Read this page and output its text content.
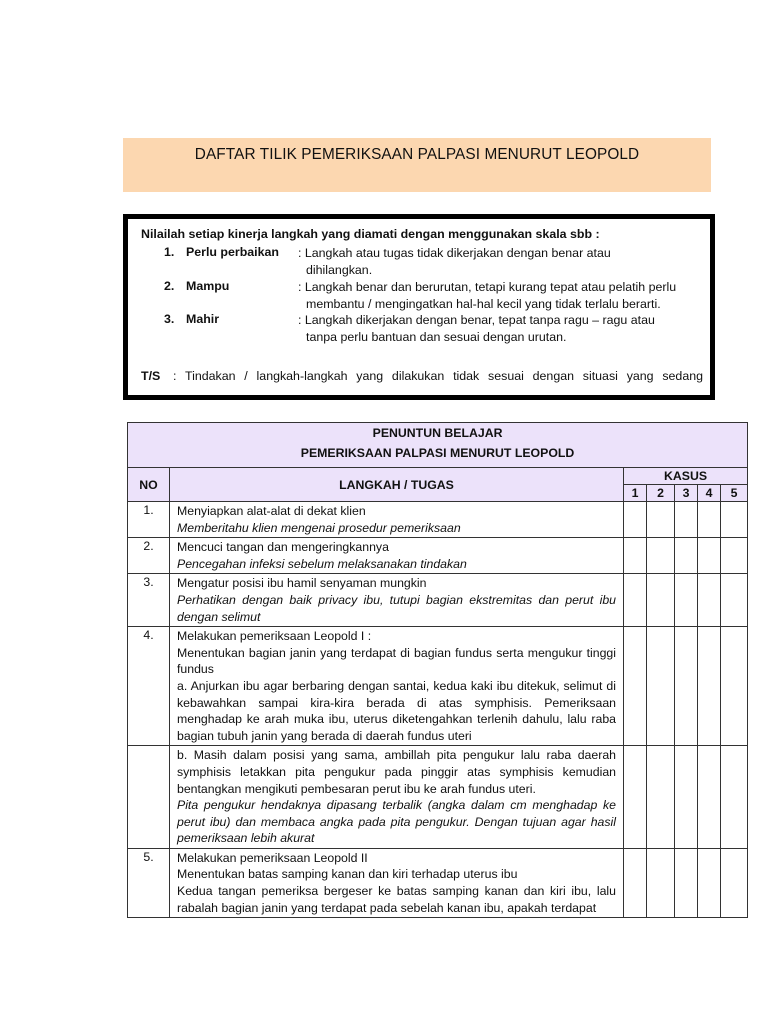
DAFTAR TILIK PEMERIKSAAN PALPASI MENURUT LEOPOLD
Nilailah setiap kinerja langkah yang diamati dengan menggunakan skala sbb :
1. Perlu perbaikan : Langkah atau tugas tidak dikerjakan dengan benar atau
dihilangkan.
2. Mampu	: Langkah benar dan berurutan, tetapi kurang tepat atau pelatih perlu
membantu / mengingatkan hal-hal kecil yang tidak terlalu berarti.
3. Mahir	: Langkah dikerjakan dengan benar, tepat tanpa ragu – ragu atau
tanpa perlu bantuan dan sesuai dengan urutan.
T/S : Tindakan / langkah-langkah yang dilakukan tidak sesuai dengan situasi yang sedang
PENUNTUN BELAJAR
PEMERIKSAAN PALPASI MENURUT LEOPOLD						

NO	LANGKAH / TUGAS	KASUS				
		1	2	3	4	5
1.	Menyiapkan alat-alat di dekat klien
Memberitahu klien mengenai prosedur pemeriksaan					

2.	Mencuci tangan dan mengeringkannya
Pencegahan infeksi sebelum melaksanakan tindakan					

3.	Mengatur posisi ibu hamil senyaman mungkin
Perhatikan dengan baik privacy ibu, tutupi bagian ekstremitas dan perut ibu dengan selimut					

4.	Melakukan pemeriksaan Leopold I :
Menentukan bagian janin yang terdapat di bagian fundus serta mengukur tinggi fundus
a. Anjurkan ibu agar berbaring dengan santai, kedua kaki ibu ditekuk, selimut di kebawahkan sampai kira-kira berada di atas symphisis. Pemeriksaan menghadap ke arah muka ibu, uterus diketengahkan terlenih dahulu, lalu raba bagian tubuh janin yang berada di daerah fundus uteri					

	b. Masih dalam posisi yang sama, ambillah pita pengukur lalu raba daerah symphisis letakkan pita pengukur pada pinggir atas symphisis kemudian bentangkan mengikuti pembesaran perut ibu ke arah fundus uteri.
Pita pengukur hendaknya dipasang terbalik (angka dalam cm menghadap ke perut ibu) dan membaca angka pada pita pengukur. Dengan tujuan agar hasil pemeriksaan lebih akurat					

5.	Melakukan pemeriksaan Leopold II
Menentukan batas samping kanan dan kiri terhadap uterus ibu
Kedua tangan pemeriksa bergeser ke batas samping kanan dan kiri ibu, lalu rabalah bagian janin yang terdapat pada sebelah kanan ibu, apakah terdapat					
